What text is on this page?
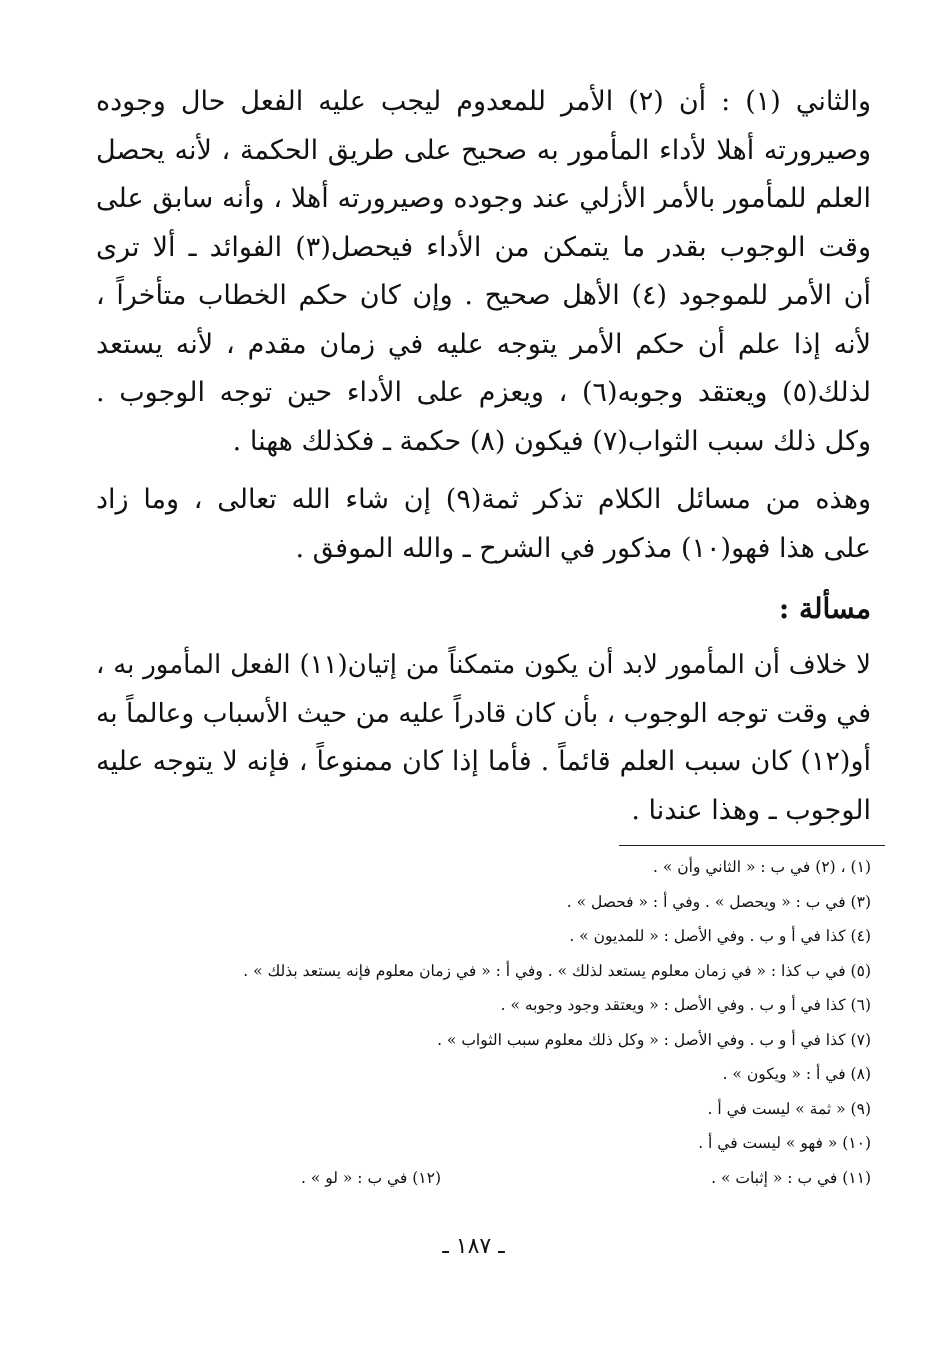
والثاني (١) : أن (٢) الأمر للمعدوم ليجب عليه الفعل حال وجوده
وصيرورته أهلا لأداء المأمور به صحيح على طريق الحكمة ، لأنه يحصل
العلم للمأمور بالأمر الأزلي عند وجوده وصيرورته أهلا ، وأنه سابق على
وقت الوجوب بقدر ما يتمكن من الأداء فيحصل(٣) الفوائد ـ ألا ترى
أن الأمر للموجود (٤) الأهل صحيح . وإن كان حكم الخطاب متأخراً ،
لأنه إذا علم أن حكم الأمر يتوجه عليه في زمان مقدم ، لأنه يستعد
لذلك(٥) ويعتقد وجوبه(٦) ، ويعزم على الأداء حين توجه الوجوب .
وكل ذلك سبب الثواب(٧) فيكون (٨) حكمة ـ فكذلك ههنا .
وهذه من مسائل الكلام تذكر ثمة(٩) إن شاء الله تعالى ، وما زاد
على هذا فهو(١٠) مذكور في الشرح ـ والله الموفق .
مسألة :
لا خلاف أن المأمور لابد أن يكون متمكناً من إتيان(١١) الفعل المأمور به ،
في وقت توجه الوجوب ، بأن كان قادراً عليه من حيث الأسباب وعالماً به
أو(١٢) كان سبب العلم قائماً . فأما إذا كان ممنوعاً ، فإنه لا يتوجه عليه
الوجوب ـ وهذا عندنا .
(١) ، (٢) في ب : « الثاني وأن » .
(٣) في ب : « ويحصل » . وفي أ : « فحصل » .
(٤) كذا في أ و ب . وفي الأصل : « للمديون » .
(٥) في ب كذا : « في زمان معلوم يستعد لذلك » . وفي أ : « في زمان معلوم فإنه يستعد بذلك » .
(٦) كذا في أ و ب . وفي الأصل : « ويعتقد وجود وجوبه » .
(٧) كذا في أ و ب . وفي الأصل : « وكل ذلك معلوم سبب الثواب » .
(٨) في أ : « ويكون » .
(٩) « ثمة » ليست في أ .
(١٠) « فهو » ليست في أ .
(١١) في ب : « إثبات » .
(١٢) في ب : « لو » .
ـ ١٨٧ ـ
